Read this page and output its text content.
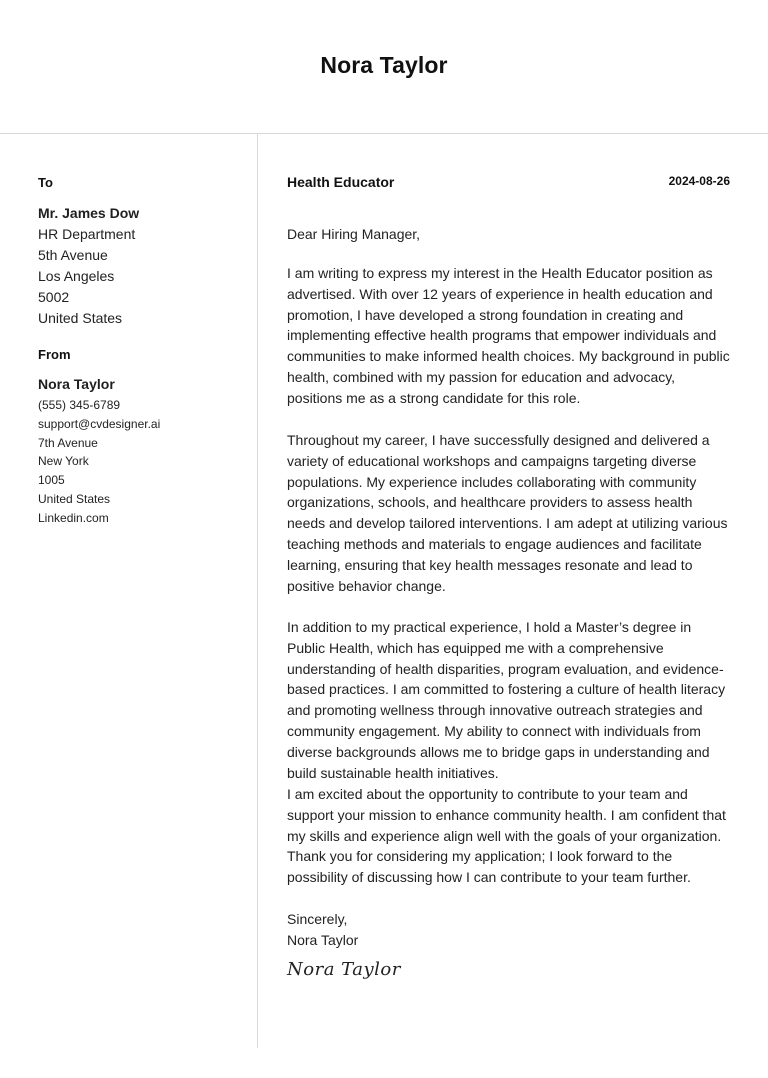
Nora Taylor
To
Mr. James Dow
HR Department
5th Avenue
Los Angeles
5002
United States
From
Nora Taylor
(555) 345-6789
support@cvdesigner.ai
7th Avenue
New York
1005
United States
Linkedin.com
Health Educator	2024-08-26

Dear Hiring Manager,

I am writing to express my interest in the Health Educator position as advertised. With over 12 years of experience in health education and promotion, I have developed a strong foundation in creating and implementing effective health programs that empower individuals and communities to make informed health choices. My background in public health, combined with my passion for education and advocacy, positions me as a strong candidate for this role.

Throughout my career, I have successfully designed and delivered a variety of educational workshops and campaigns targeting diverse populations. My experience includes collaborating with community organizations, schools, and healthcare providers to assess health needs and develop tailored interventions. I am adept at utilizing various teaching methods and materials to engage audiences and facilitate learning, ensuring that key health messages resonate and lead to positive behavior change.

In addition to my practical experience, I hold a Master’s degree in Public Health, which has equipped me with a comprehensive understanding of health disparities, program evaluation, and evidence-based practices. I am committed to fostering a culture of health literacy and promoting wellness through innovative outreach strategies and community engagement. My ability to connect with individuals from diverse backgrounds allows me to bridge gaps in understanding and build sustainable health initiatives.

I am excited about the opportunity to contribute to your team and support your mission to enhance community health. I am confident that my skills and experience align well with the goals of your organization. Thank you for considering my application; I look forward to the possibility of discussing how I can contribute to your team further.

Sincerely,
Nora Taylor
Nora Taylor
